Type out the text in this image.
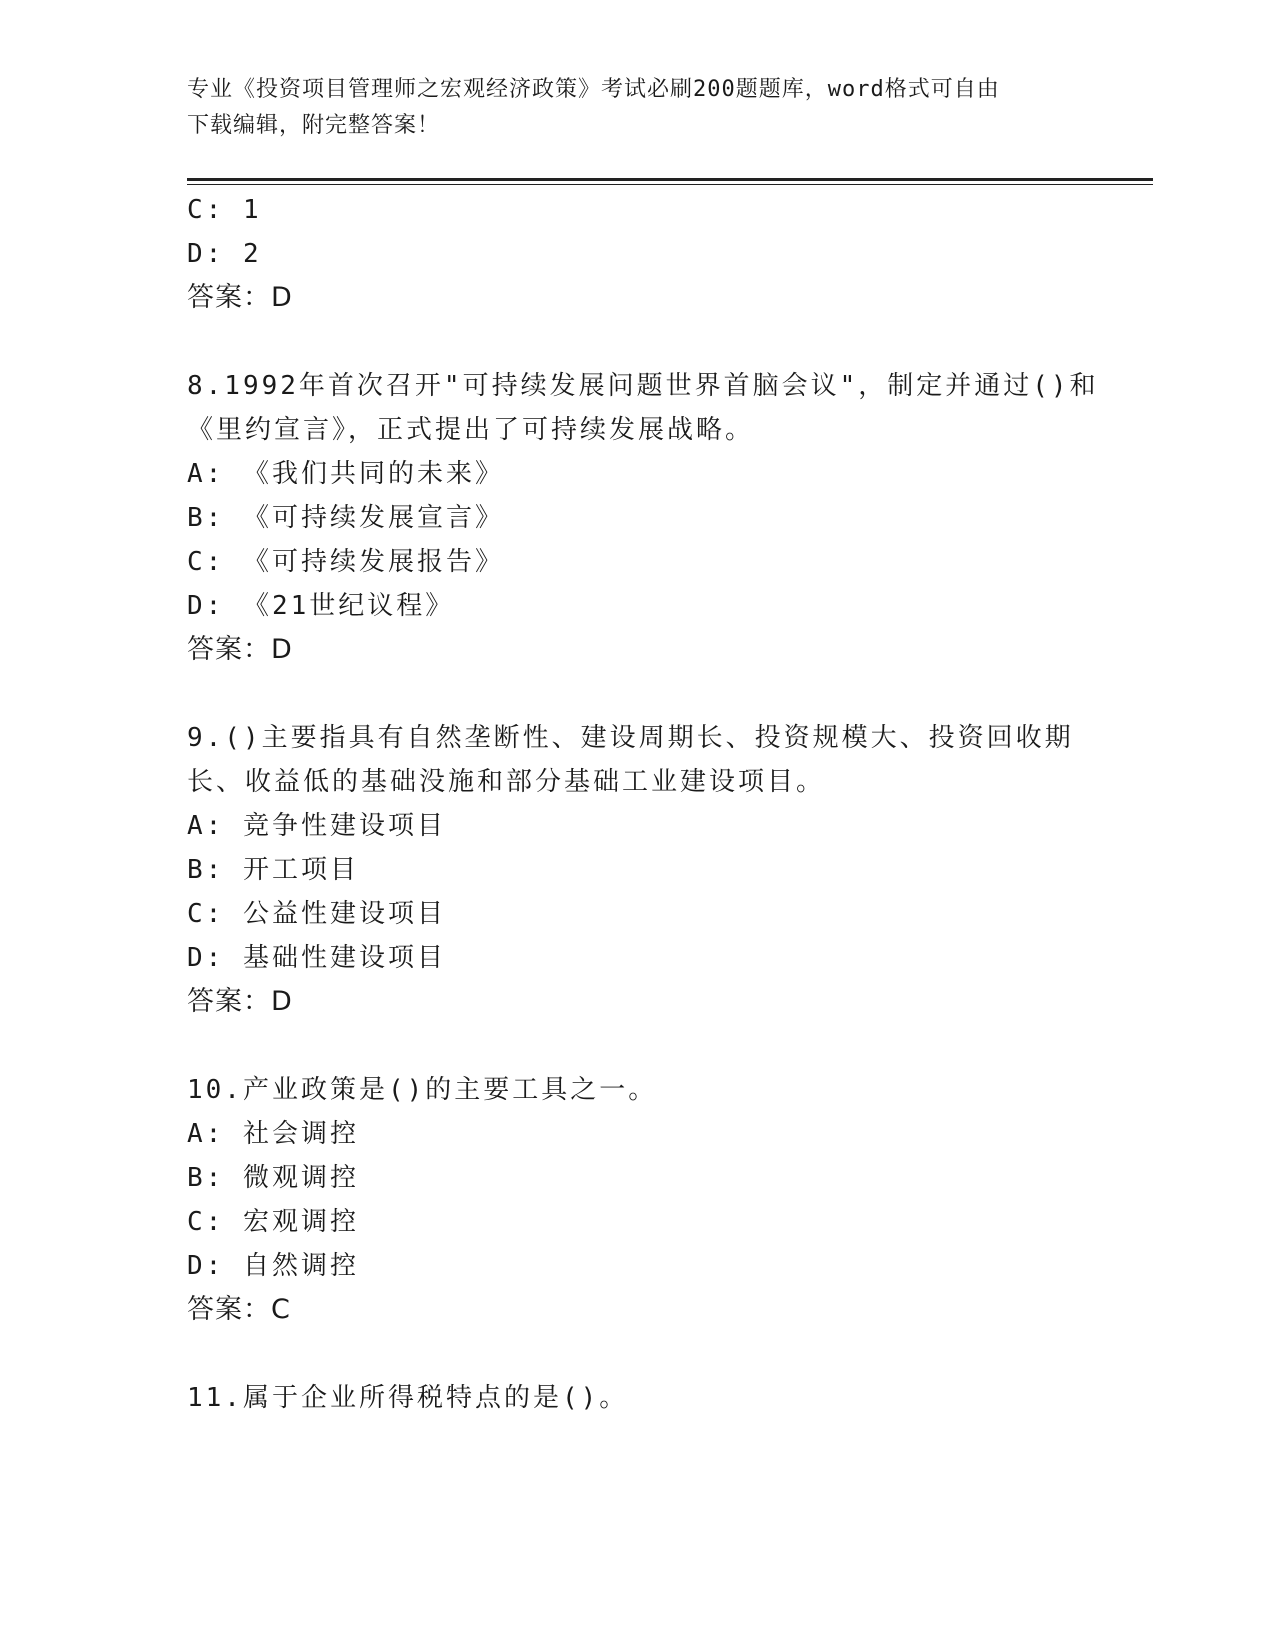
专业《投资项目管理师之宏观经济政策》考试必刷200题题库，word格式可自由
下载编辑，附完整答案！
C: 1
D: 2
答案：D
8.1992年首次召开"可持续发展问题世界首脑会议"，制定并通过()和
《里约宣言》，正式提出了可持续发展战略。
A: 《我们共同的未来》
B: 《可持续发展宣言》
C: 《可持续发展报告》
D: 《21世纪议程》
答案：D
9.()主要指具有自然垄断性、建设周期长、投资规模大、投资回收期
长、收益低的基础没施和部分基础工业建设项目。
A: 竞争性建设项目
B: 开工项目
C: 公益性建设项目
D: 基础性建设项目
答案：D
10.产业政策是()的主要工具之一。
A: 社会调控
B: 微观调控
C: 宏观调控
D: 自然调控
答案：C
11.属于企业所得税特点的是()。
